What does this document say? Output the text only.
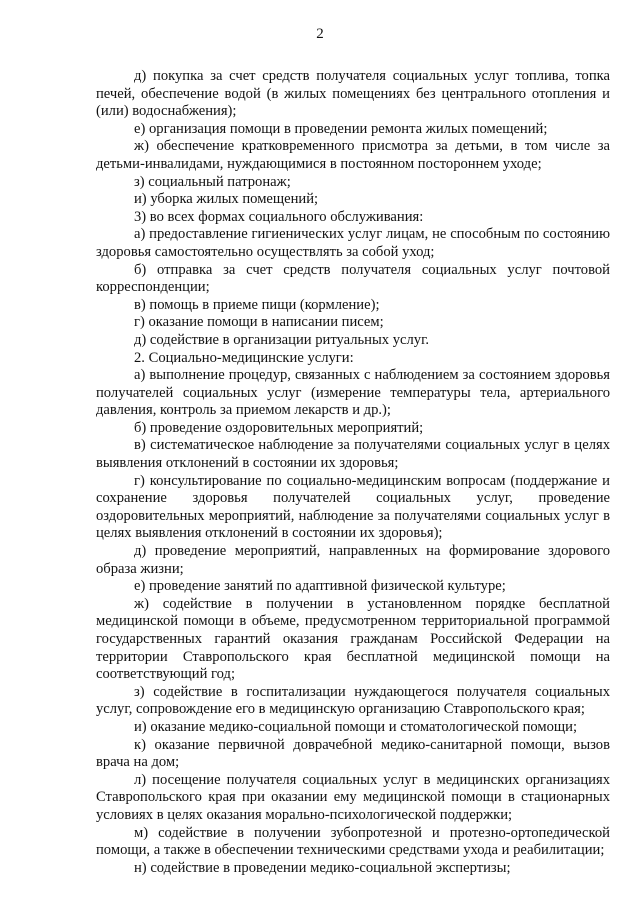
2

д) покупка за счет средств получателя социальных услуг топлива, топка печей, обеспечение водой (в жилых помещениях без центрального отопления и (или) водоснабжения);

е) организация помощи в проведении ремонта жилых помещений;

ж) обеспечение кратковременного присмотра за детьми, в том числе за детьми-инвалидами, нуждающимися в постоянном постороннем уходе;

з) социальный патронаж;

и) уборка жилых помещений;

3) во всех формах социального обслуживания:

а) предоставление гигиенических услуг лицам, не способным по состоянию здоровья самостоятельно осуществлять за собой уход;

б) отправка за счет средств получателя социальных услуг почтовой корреспонденции;

в) помощь в приеме пищи (кормление);

г) оказание помощи в написании писем;

д) содействие в организации ритуальных услуг.

2. Социально-медицинские услуги:

а) выполнение процедур, связанных с наблюдением за состоянием здоровья получателей социальных услуг (измерение температуры тела, артериального давления, контроль за приемом лекарств и др.);

б) проведение оздоровительных мероприятий;

в) систематическое наблюдение за получателями социальных услуг в целях выявления отклонений в состоянии их здоровья;

г) консультирование по социально-медицинским вопросам (поддержание и сохранение здоровья получателей социальных услуг, проведение оздоровительных мероприятий, наблюдение за получателями социальных услуг в целях выявления отклонений в состоянии их здоровья);

д) проведение мероприятий, направленных на формирование здорового образа жизни;

е) проведение занятий по адаптивной физической культуре;

ж) содействие в получении в установленном порядке бесплатной медицинской помощи в объеме, предусмотренном территориальной программой государственных гарантий оказания гражданам Российской Федерации на территории Ставропольского края бесплатной медицинской помощи на соответствующий год;

з) содействие в госпитализации нуждающегося получателя социальных услуг, сопровождение его в медицинскую организацию Ставропольского края;

и) оказание медико-социальной помощи и стоматологической помощи;

к) оказание первичной доврачебной медико-санитарной помощи, вызов врача на дом;

л) посещение получателя социальных услуг в медицинских организациях Ставропольского края при оказании ему медицинской помощи в стационарных условиях в целях оказания морально-психологической поддержки;

м) содействие в получении зубопротезной и протезно-ортопедической помощи, а также в обеспечении техническими средствами ухода и реабилитации;

н) содействие в проведении медико-социальной экспертизы;
